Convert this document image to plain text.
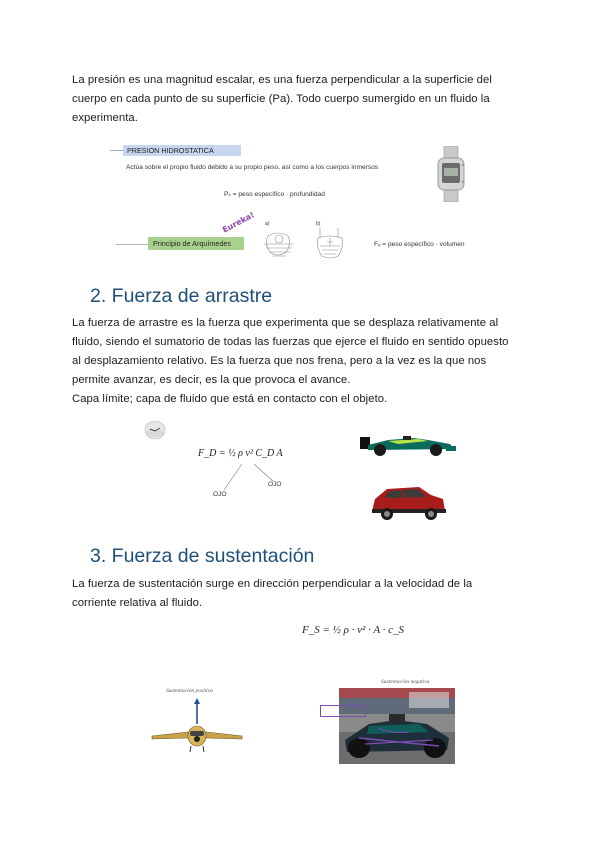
La presión es una magnitud escalar, es una fuerza perpendicular a la superficie del
cuerpo en cada punto de su superficie (Pa). Todo cuerpo sumergido en un fluido la
experimenta.
PRESION HIDROSTATICA
Actúa sobre el propio fluido debido a su propio peso, así como a los cuerpos inmersos
Pₛ = peso específico · profundidad
Principio de Arquímedes
Eureka! a)	b)
Fₑ = peso específico · volumen
2. Fuerza de arrastre
La fuerza de arrastre es la fuerza que experimenta que se desplaza relativamente al
fluido, siendo el sumatorio de todas las fuerzas que ejerce el fluido en sentido opuesto
al desplazamiento relativo. Es la fuerza que nos frena, pero a la vez es la que nos
permite avanzar, es decir, es la que provoca el avance.
Capa límite; capa de fluido que está en contacto con el objeto.
F_D = ½ ρ v² C_D A
OJO
OJO
3. Fuerza de sustentación
La fuerza de sustentación surge en dirección perpendicular a la velocidad de la
corriente relativa al fluido.
F_S = ½ ρ · v² · A · c_S
Sustentación positiva
Sustentación negativa
